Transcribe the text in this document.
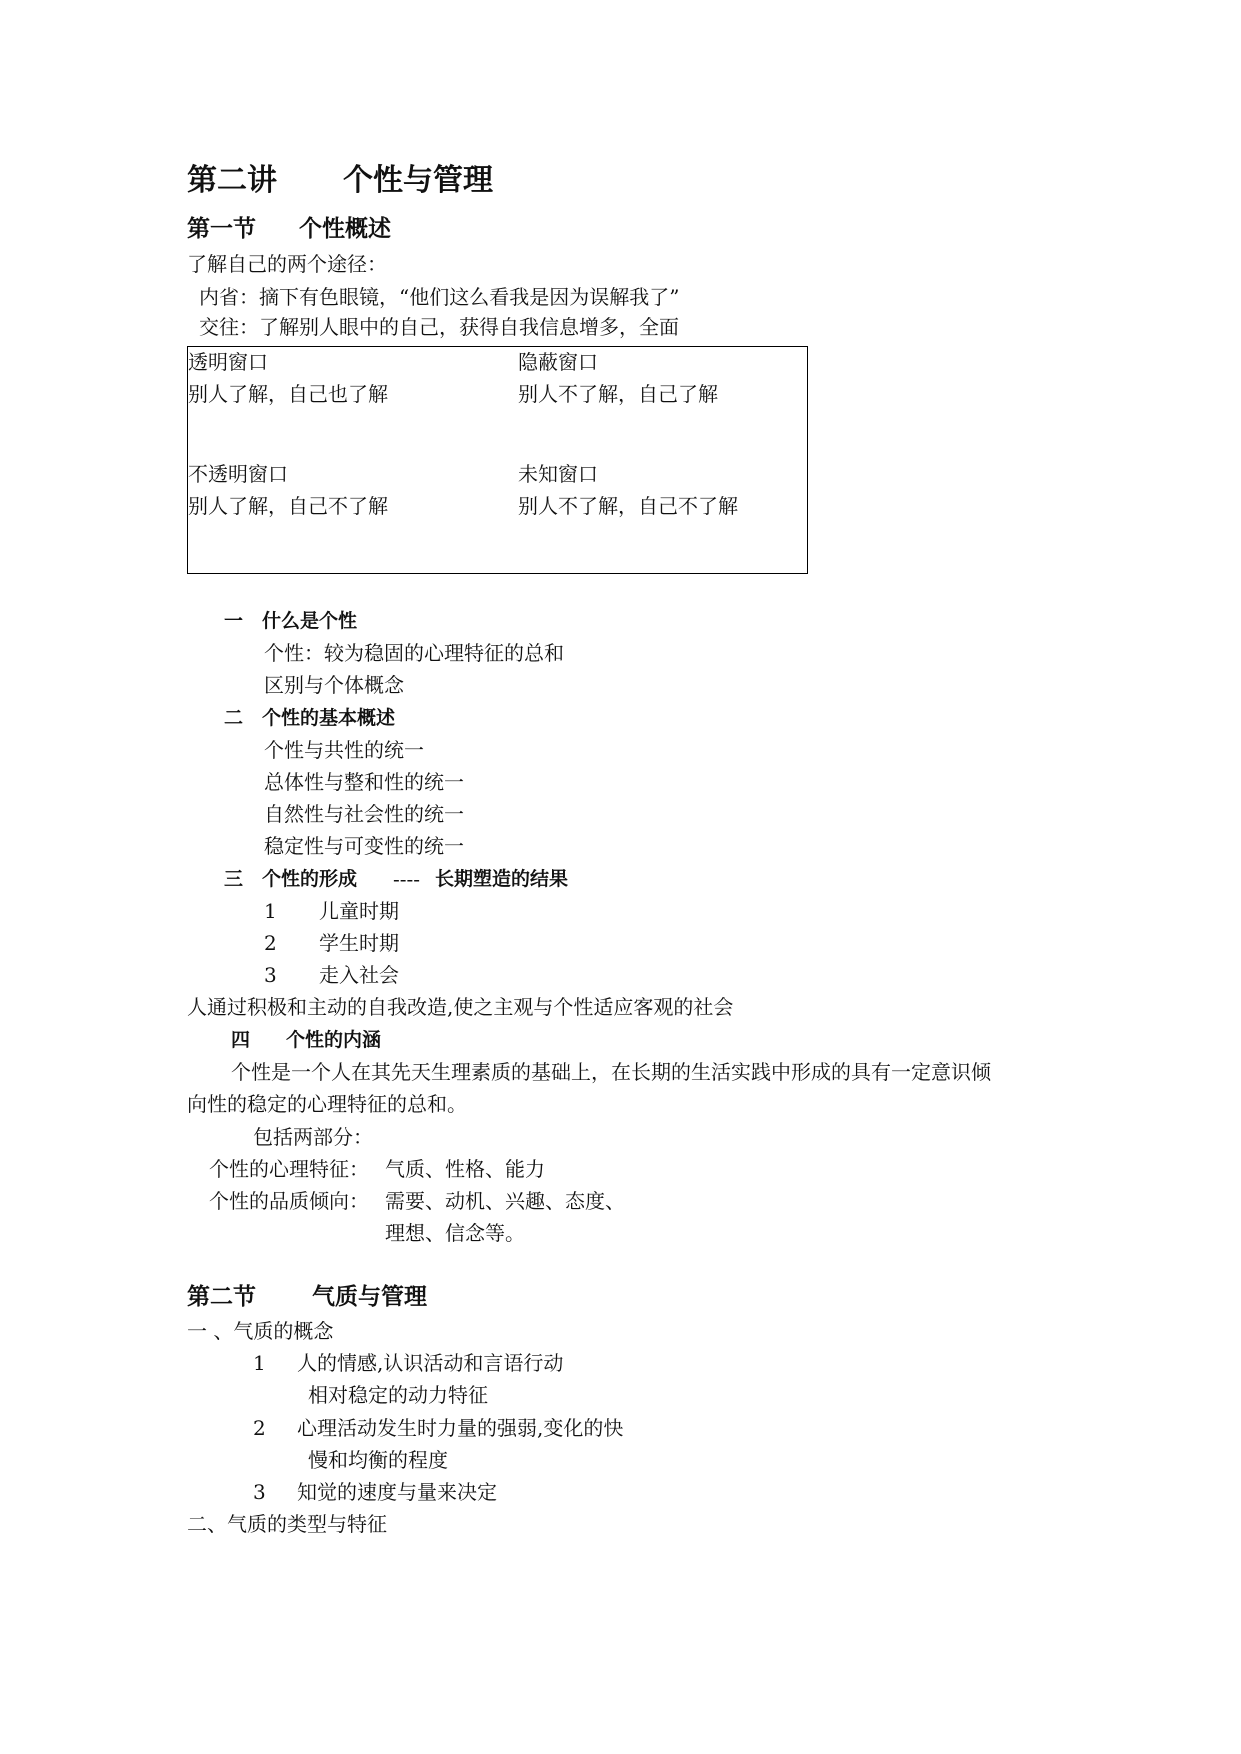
第二讲 个性与管理
第一节 个性概述
了解自己的两个途径：
内省：摘下有色眼镜，“他们这么看我是因为误解我了”
交往：了解别人眼中的自己，获得自我信息增多，全面
透明窗口
别人了解，自己也了解
隐蔽窗口
别人不了解，自己了解
不透明窗口
别人了解，自己不了解
未知窗口
别人不了解，自己不了解
一 什么是个性
个性：较为稳固的心理特征的总和
区别与个体概念
二 个性的基本概述
个性与共性的统一
总体性与整和性的统一
自然性与社会性的统一
稳定性与可变性的统一
三 个性的形成 ---- 长期塑造的结果
1 儿童时期
2 学生时期
3 走入社会
人通过积极和主动的自我改造,使之主观与个性适应客观的社会
四 个性的内涵
个性是一个人在其先天生理素质的基础上，在长期的生活实践中形成的具有一定意识倾
向性的稳定的心理特征的总和。
包括两部分：
个性的心理特征： 气质、性格、能力
个性的品质倾向： 需要、动机、兴趣、态度、
理想、信念等。
第二节 气质与管理
一 、气质的概念
1 人的情感,认识活动和言语行动
相对稳定的动力特征
2 心理活动发生时力量的强弱,变化的快
慢和均衡的程度
3 知觉的速度与量来决定
二、气质的类型与特征
